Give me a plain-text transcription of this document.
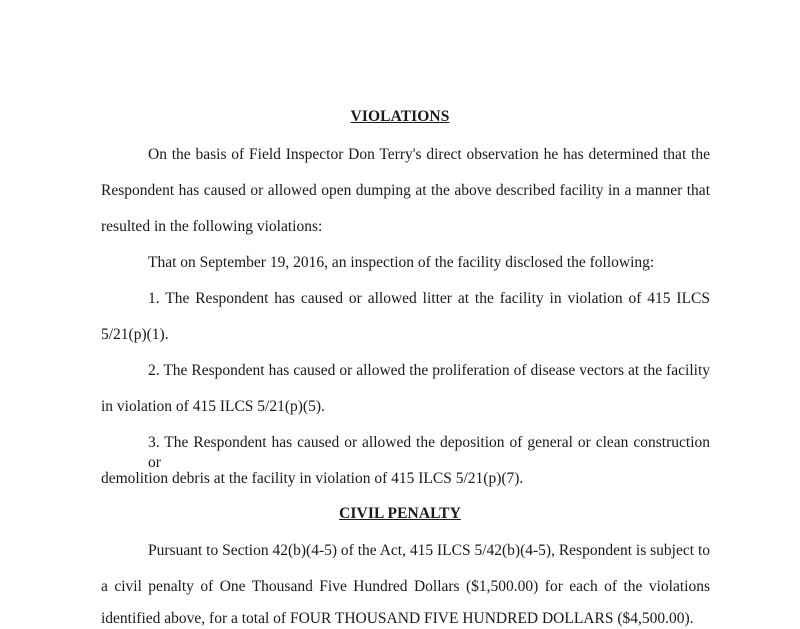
VIOLATIONS

On the basis of Field Inspector Don Terry's direct observation he has determined that the

Respondent has caused or allowed open dumping at the above described facility in a manner that

resulted in the following violations:

That on September 19, 2016, an inspection of the facility disclosed the following:

1. The Respondent has caused or allowed litter at the facility in violation of 415 ILCS

5/21(p)(1).

2. The Respondent has caused or allowed the proliferation of disease vectors at the facility

in violation of 415 ILCS 5/21(p)(5).

3. The Respondent has caused or allowed the deposition of general or clean construction or

demolition debris at the facility in violation of 415 ILCS 5/21(p)(7).

CIVIL PENALTY

Pursuant to Section 42(b)(4-5) of the Act, 415 ILCS 5/42(b)(4-5), Respondent is subject to

a civil penalty of One Thousand Five Hundred Dollars ($1,500.00) for each of the violations

identified above, for a total of FOUR THOUSAND FIVE HUNDRED DOLLARS ($4,500.00).
